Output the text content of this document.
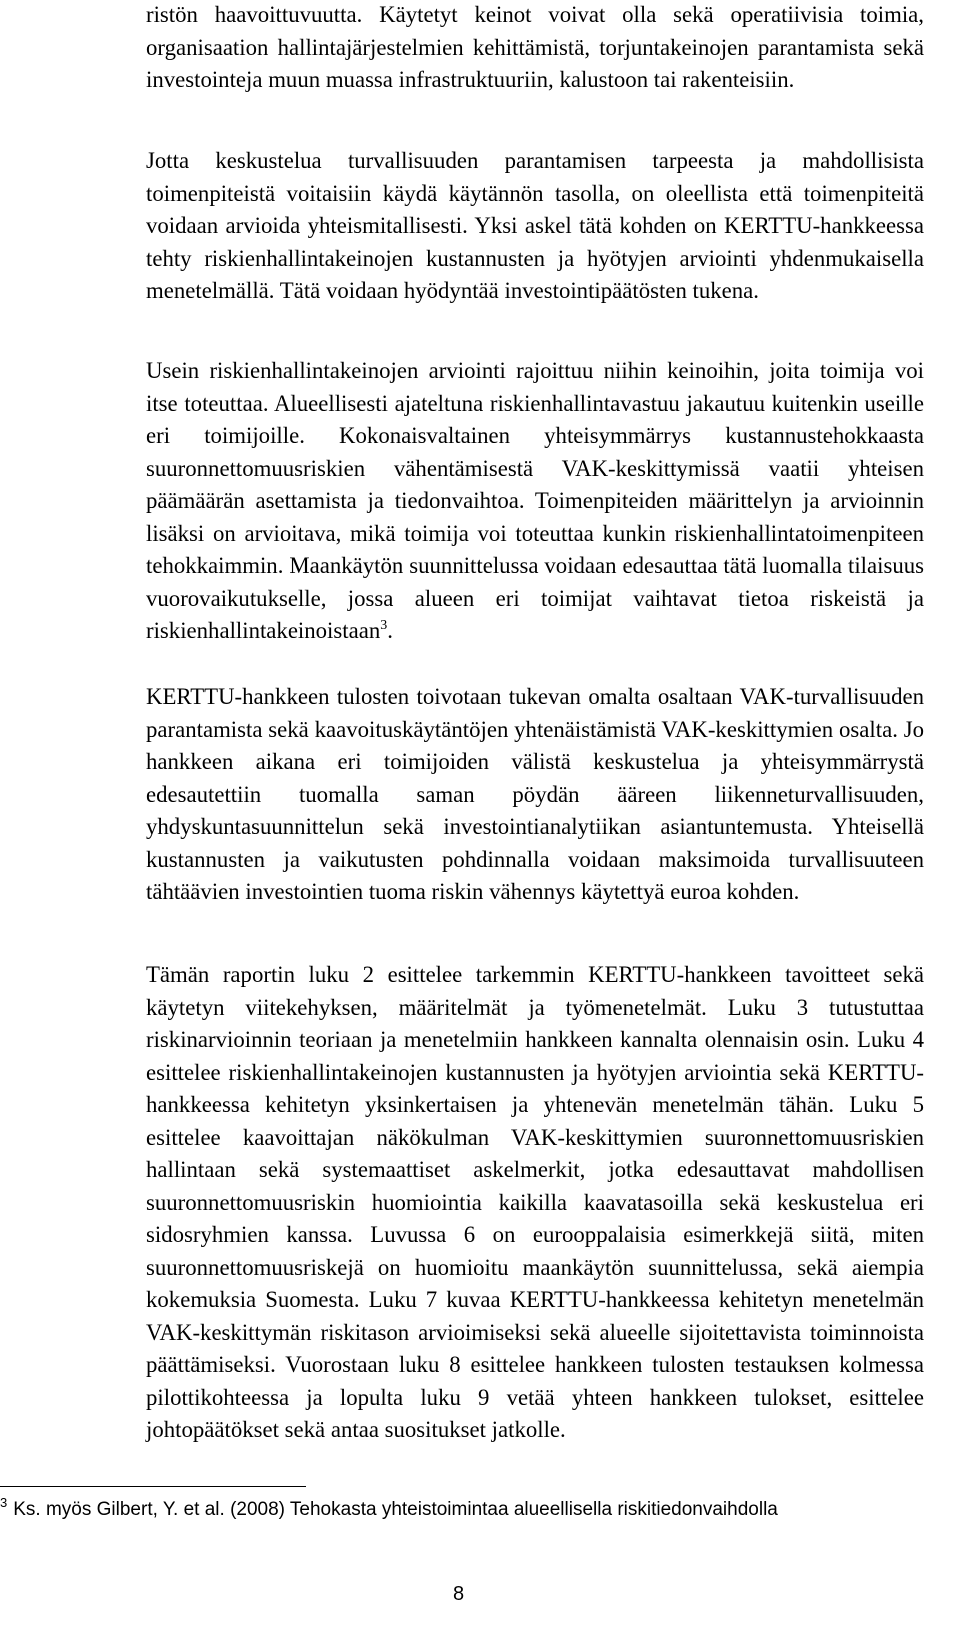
ristön haavoittuvuutta. Käytetyt keinot voivat olla sekä operatiivisia toimia, organisaation hallintajärjestelmien kehittämistä, torjuntakeinojen parantamista sekä investointeja muun muassa infrastruktuuriin, kalustoon tai rakenteisiin.

Jotta keskustelua turvallisuuden parantamisen tarpeesta ja mahdollisista toimenpiteistä voitaisiin käydä käytännön tasolla, on oleellista että toimenpiteitä voidaan arvioida yhteismitallisesti. Yksi askel tätä kohden on KERTTU-hankkeessa tehty riskienhallintakeinojen kustannusten ja hyötyjen arviointi yhdenmukaisella menetelmällä. Tätä voidaan hyödyntää investointipäätösten tukena.

Usein riskienhallintakeinojen arviointi rajoittuu niihin keinoihin, joita toimija voi itse toteuttaa. Alueellisesti ajateltuna riskienhallintavastuu jakautuu kuitenkin useille eri toimijoille. Kokonaisvaltainen yhteisymmärrys kustannustehokkaasta suuronnettomuusriskien vähentämisestä VAK-keskittymissä vaatii yhteisen päämäärän asettamista ja tiedonvaihtoa. Toimenpiteiden määrittelyn ja arvioinnin lisäksi on arvioitava, mikä toimija voi toteuttaa kunkin riskienhallintatoimenpiteen tehokkaimmin. Maankäytön suunnittelussa voidaan edesauttaa tätä luomalla tilaisuus vuorovaikutukselle, jossa alueen eri toimijat vaihtavat tietoa riskeistä ja riskienhallintakeinoistaan$^3$.

KERTTU-hankkeen tulosten toivotaan tukevan omalta osaltaan VAK-turvallisuuden parantamista sekä kaavoituskäytäntöjen yhtenäistämistä VAK-keskittymien osalta. Jo hankkeen aikana eri toimijoiden välistä keskustelua ja yhteisymmärrystä edesautettiin tuomalla saman pöydän ääreen liikenneturvallisuuden, yhdyskuntasuunnittelun sekä investointianalytiikan asiantuntemusta. Yhteisellä kustannusten ja vaikutusten pohdinnalla voidaan maksimoida turvallisuuteen tähtäävien investointien tuoma riskin vähennys käytettyä euroa kohden.

Tämän raportin luku 2 esittelee tarkemmin KERTTU-hankkeen tavoitteet sekä käytetyn viitekehyksen, määritelmät ja työmenetelmät. Luku 3 tutustuttaa riskinarvioinnin teoriaan ja menetelmiin hankkeen kannalta olennaisin osin. Luku 4 esittelee riskienhallintakeinojen kustannusten ja hyötyjen arviointia sekä KERTTU-hankkeessa kehitetyn yksinkertaisen ja yhtenevän menetelmän tähän. Luku 5 esittelee kaavoittajan näkökulman VAK-keskittymien suuronnettomuusriskien hallintaan sekä systemaattiset askelmerkit, jotka edesauttavat mahdollisen suuronnettomuusriskin huomiointia kaikilla kaavatasoilla sekä keskustelua eri sidosryhmien kanssa. Luvussa 6 on eurooppalaisia esimerkkejä siitä, miten suuronnettomuusriskejä on huomioitu maankäytön suunnittelussa, sekä aiempia kokemuksia Suomesta. Luku 7 kuvaa KERTTU-hankkeessa kehitetyn menetelmän VAK-keskittymän riskitason arvioimiseksi sekä alueelle sijoitettavista toiminnoista päättämiseksi. Vuorostaan luku 8 esittelee hankkeen tulosten testauksen kolmessa pilottikohteessa ja lopulta luku 9 vetää yhteen hankkeen tulokset, esittelee johtopäätökset sekä antaa suositukset jatkolle.

$^3$ Ks. myös Gilbert, Y. et al. (2008) Tehokasta yhteistoimintaa alueellisella riskitiedonvaihdolla

8
